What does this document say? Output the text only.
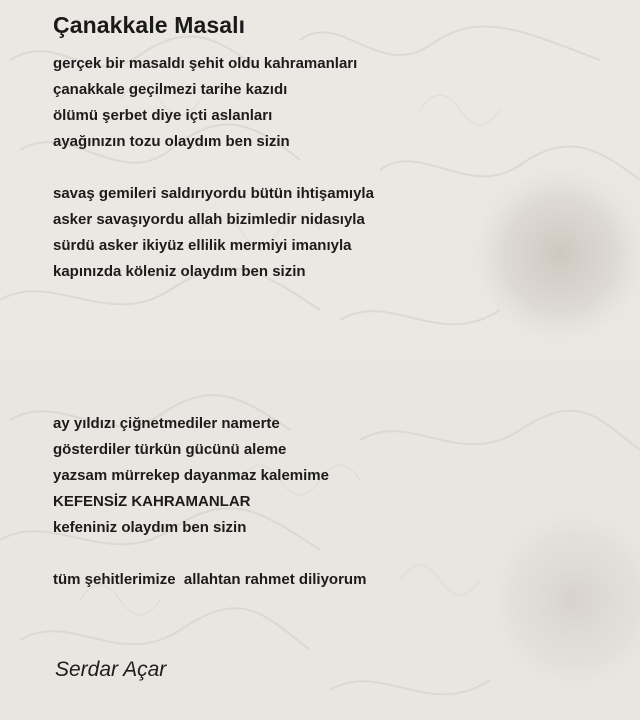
Çanakkale Masalı
gerçek bir masaldı şehit oldu kahramanları
çanakkale geçilmezi tarihe kazıdı
ölümü şerbet diye içti aslanları
ayağınızın tozu olaydım ben sizin
savaş gemileri saldırıyordu bütün ihtişamıyla
asker savaşıyordu allah bizimledir nidasıyla
sürdü asker ikiyüz ellilik mermiyi imanıyla
kapınızda köleniz olaydım ben sizin
ay yıldızı çiğnetmediler namerte
gösterdiler türkün gücünü aleme
yazsam mürrekep dayanmaz kalemime
KEFENSİZ KAHRAMANLAR
kefeniniz olaydım ben sizin
tüm şehitlerimize  allahtan rahmet diliyorum
Serdar Açar
